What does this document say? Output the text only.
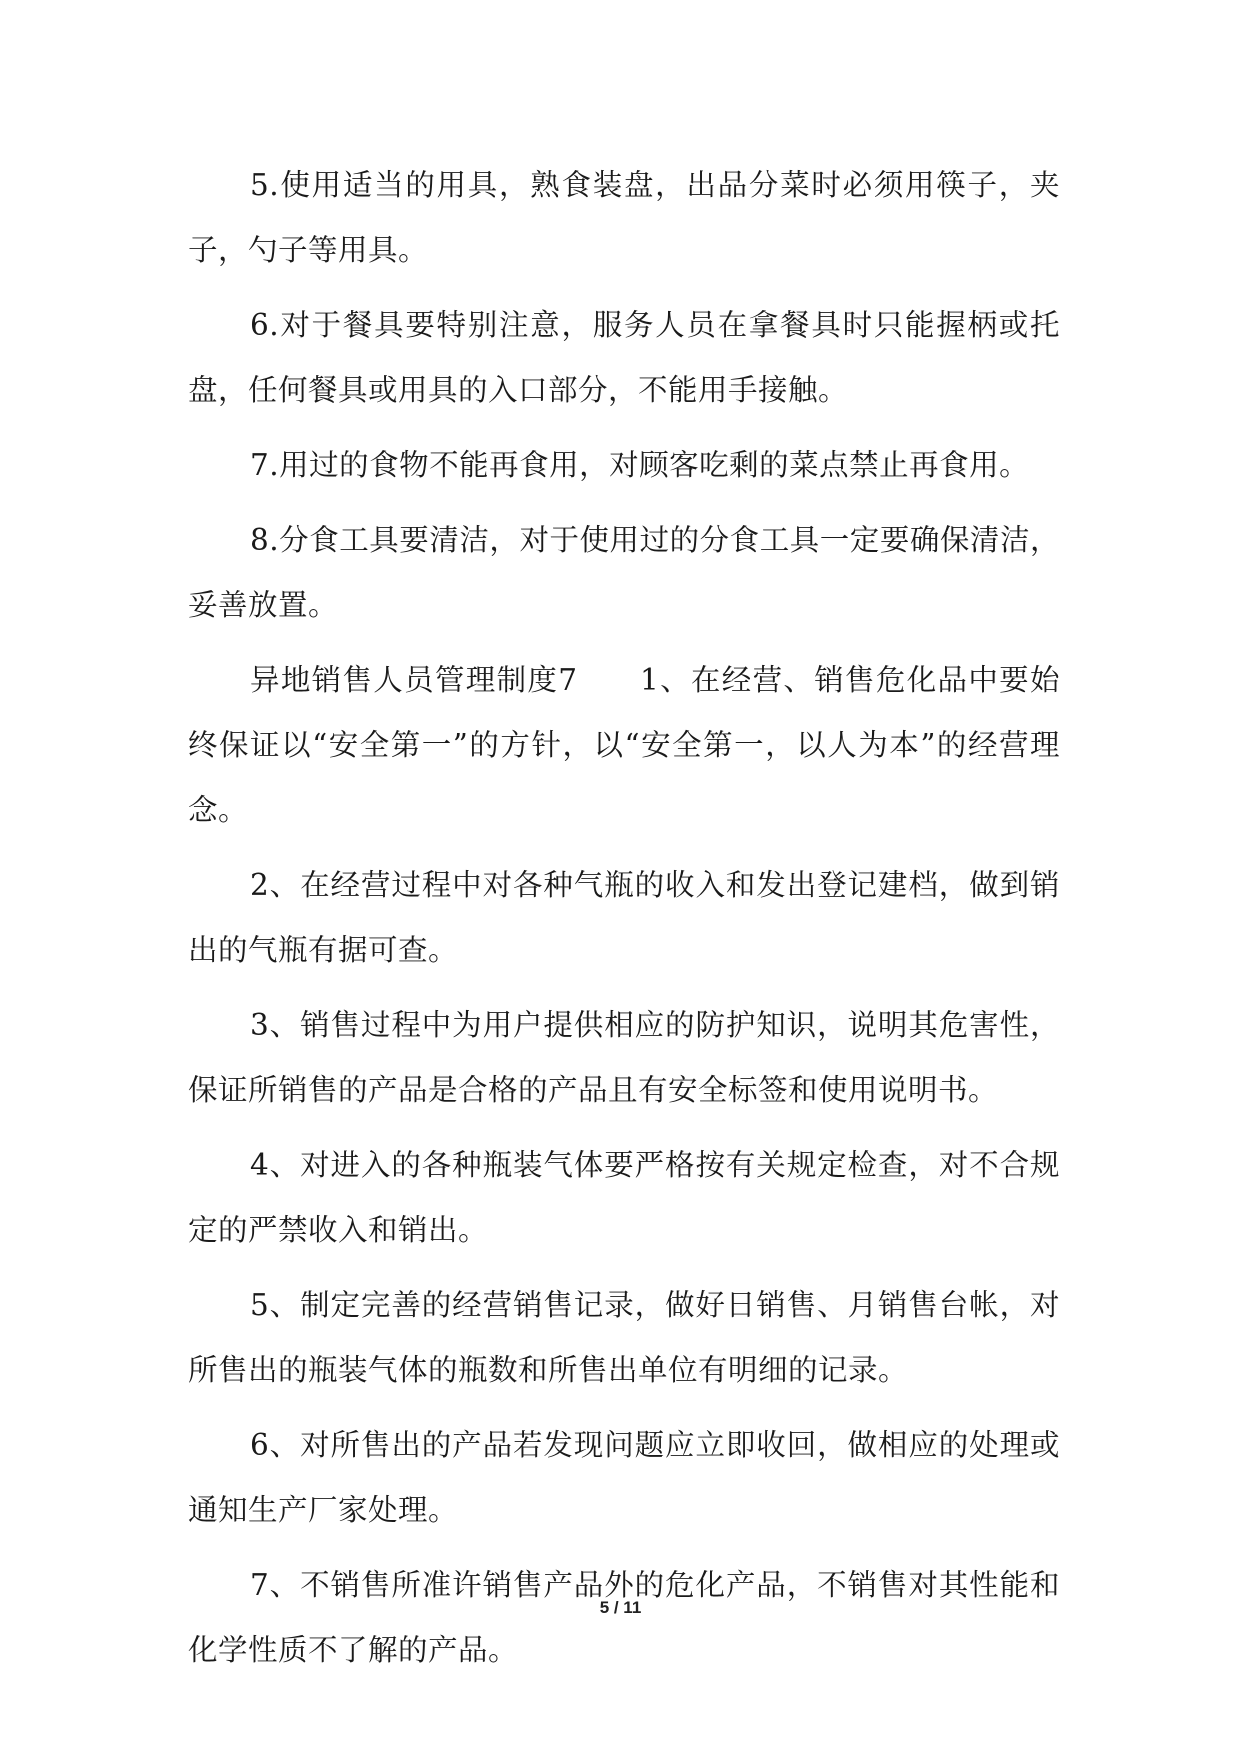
5.使用适当的用具，熟食装盘，出品分菜时必须用筷子，夹子，勺子等用具。

6.对于餐具要特别注意，服务人员在拿餐具时只能握柄或托盘，任何餐具或用具的入口部分，不能用手接触。

7.用过的食物不能再食用，对顾客吃剩的菜点禁止再食用。

8.分食工具要清洁，对于使用过的分食工具一定要确保清洁，妥善放置。

异地销售人员管理制度7　　1、在经营、销售危化品中要始终保证以“安全第一”的方针，以“安全第一，以人为本”的经营理念。

2、在经营过程中对各种气瓶的收入和发出登记建档，做到销出的气瓶有据可查。

3、销售过程中为用户提供相应的防护知识，说明其危害性，保证所销售的产品是合格的产品且有安全标签和使用说明书。

4、对进入的各种瓶装气体要严格按有关规定检查，对不合规定的严禁收入和销出。

5、制定完善的经营销售记录，做好日销售、月销售台帐，对所售出的瓶装气体的瓶数和所售出单位有明细的记录。

6、对所售出的产品若发现问题应立即收回，做相应的处理或通知生产厂家处理。

7、不销售所准许销售产品外的危化产品，不销售对其性能和化学性质不了解的产品。

5 / 11
